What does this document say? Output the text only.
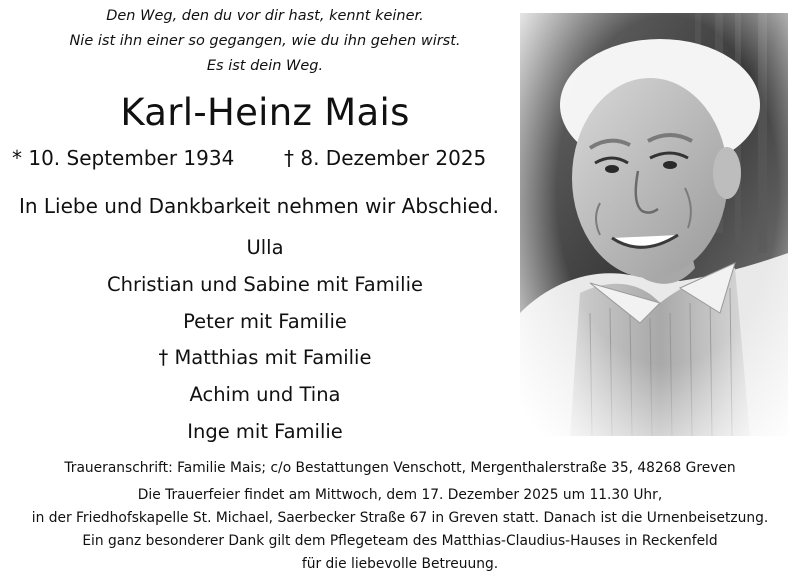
Den Weg, den du vor dir hast, kennt keiner.
Nie ist ihn einer so gegangen, wie du ihn gehen wirst.
Es ist dein Weg.
Karl-Heinz Mais
* 10. September 1934 † 8. Dezember 2025
In Liebe und Dankbarkeit nehmen wir Abschied.
Ulla
Christian und Sabine mit Familie
Peter mit Familie
† Matthias mit Familie
Achim und Tina
Inge mit Familie
Traueranschrift: Familie Mais; c/o Bestattungen Venschott, Mergenthalerstraße 35, 48268 Greven
Die Trauerfeier findet am Mittwoch, dem 17. Dezember 2025 um 11.30 Uhr,
in der Friedhofskapelle St. Michael, Saerbecker Straße 67 in Greven statt. Danach ist die Urnenbeisetzung.
Ein ganz besonderer Dank gilt dem Pflegeteam des Matthias-Claudius-Hauses in Reckenfeld
für die liebevolle Betreuung.
